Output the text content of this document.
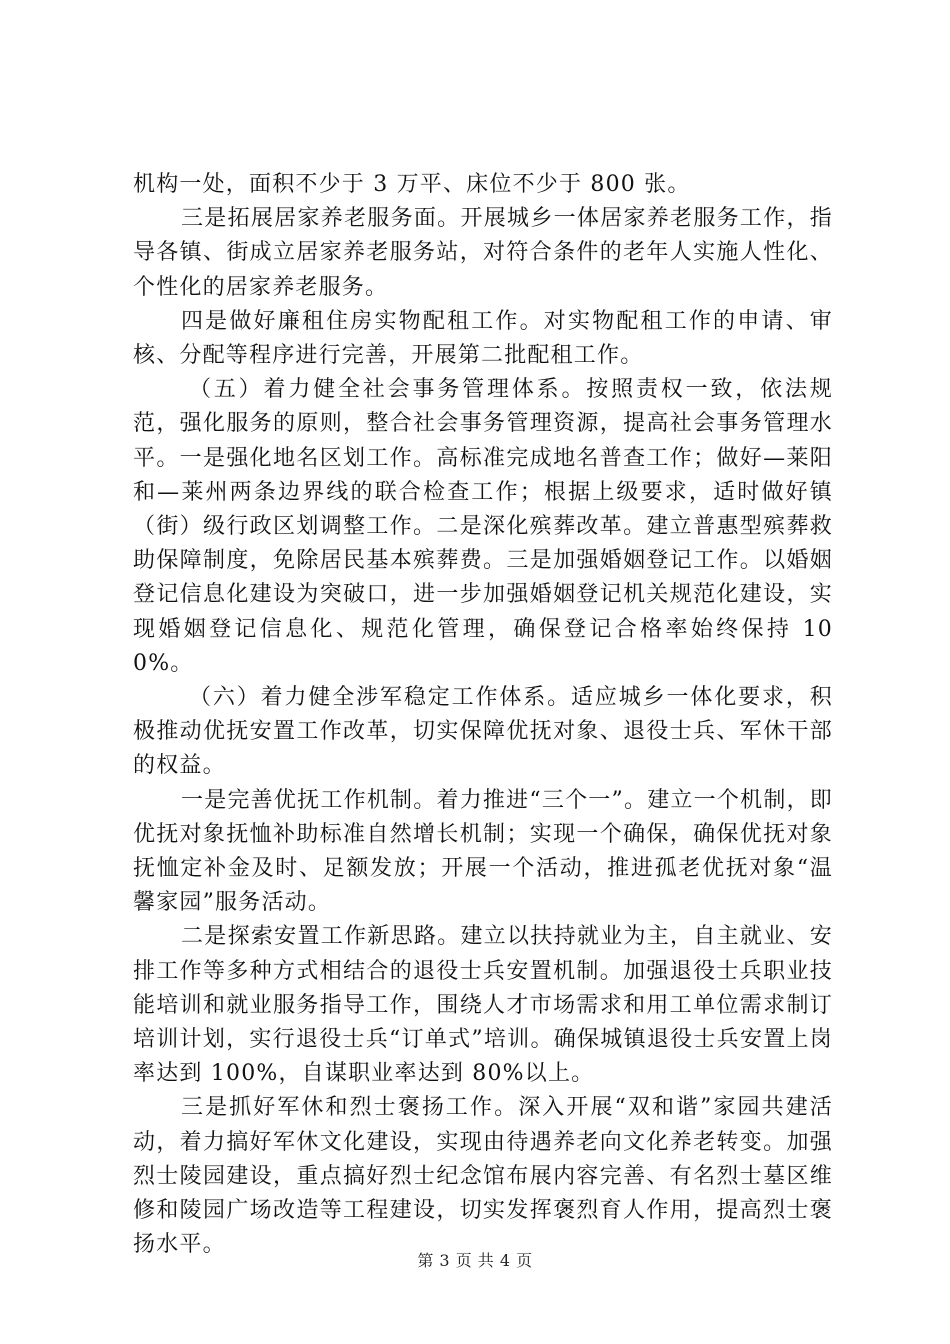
机构一处，面积不少于 3 万平、床位不少于 800 张。

三是拓展居家养老服务面。开展城乡一体居家养老服务工作，指导各镇、街成立居家养老服务站，对符合条件的老年人实施人性化、个性化的居家养老服务。

四是做好廉租住房实物配租工作。对实物配租工作的申请、审核、分配等程序进行完善，开展第二批配租工作。

（五）着力健全社会事务管理体系。按照责权一致，依法规范，强化服务的原则，整合社会事务管理资源，提高社会事务管理水平。一是强化地名区划工作。高标准完成地名普查工作；做好—莱阳和—莱州两条边界线的联合检查工作；根据上级要求，适时做好镇（街）级行政区划调整工作。二是深化殡葬改革。建立普惠型殡葬救助保障制度，免除居民基本殡葬费。三是加强婚姻登记工作。以婚姻登记信息化建设为突破口，进一步加强婚姻登记机关规范化建设，实现婚姻登记信息化、规范化管理，确保登记合格率始终保持 100%。

（六）着力健全涉军稳定工作体系。适应城乡一体化要求，积极推动优抚安置工作改革，切实保障优抚对象、退役士兵、军休干部的权益。

一是完善优抚工作机制。着力推进“三个一”。建立一个机制，即优抚对象抚恤补助标准自然增长机制；实现一个确保，确保优抚对象抚恤定补金及时、足额发放；开展一个活动，推进孤老优抚对象“温馨家园”服务活动。

二是探索安置工作新思路。建立以扶持就业为主，自主就业、安排工作等多种方式相结合的退役士兵安置机制。加强退役士兵职业技能培训和就业服务指导工作，围绕人才市场需求和用工单位需求制订培训计划，实行退役士兵“订单式”培训。确保城镇退役士兵安置上岗率达到 100%，自谋职业率达到 80%以上。

三是抓好军休和烈士褒扬工作。深入开展“双和谐”家园共建活动，着力搞好军休文化建设，实现由待遇养老向文化养老转变。加强烈士陵园建设，重点搞好烈士纪念馆布展内容完善、有名烈士墓区维修和陵园广场改造等工程建设，切实发挥褒烈育人作用，提高烈士褒扬水平。

第 3 页 共 4 页
